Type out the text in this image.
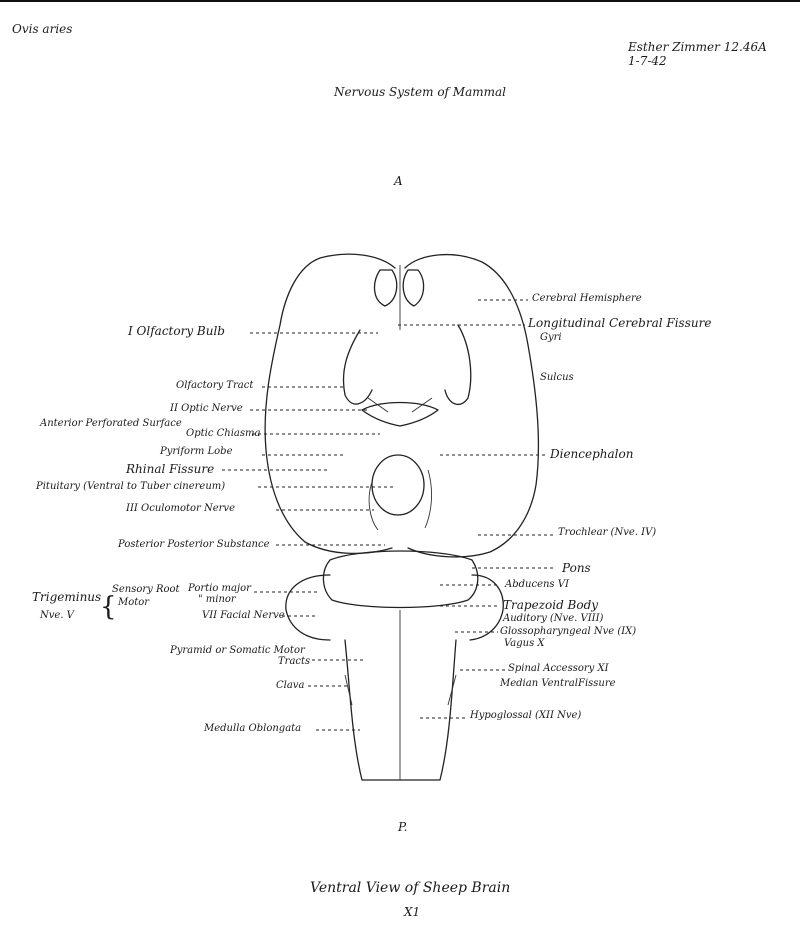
Ovis aries
Esther Zimmer 12.46A
1-7-42
Nervous System of Mammal
A
P.
I Olfactory Bulb
Olfactory Tract
II Optic Nerve
Anterior Perforated Surface
Optic Chiasma
Pyriform Lobe
Rhinal Fissure
Pituitary (Ventral to Tuber cinereum)
III Oculomotor Nerve
Posterior Posterior Substance
Trigeminus
Nve. V {
Sensory Root
Motor
Portio major
" minor
VII Facial Nerve
Pyramid or Somatic Motor
Tracts
Clava
Medulla Oblongata
Cerebral Hemisphere
Longitudinal Cerebral Fissure
Gyri
Sulcus
Diencephalon
Trochlear (Nve. IV)
Pons
Abducens VI
Trapezoid Body
Auditory (Nve. VIII)
Glossopharyngeal Nve (IX)
Vagus X
Spinal Accessory XI
Median Ventral Fissure
Hypoglossal (XII Nve)
Ventral View of Sheep Brain
X1
